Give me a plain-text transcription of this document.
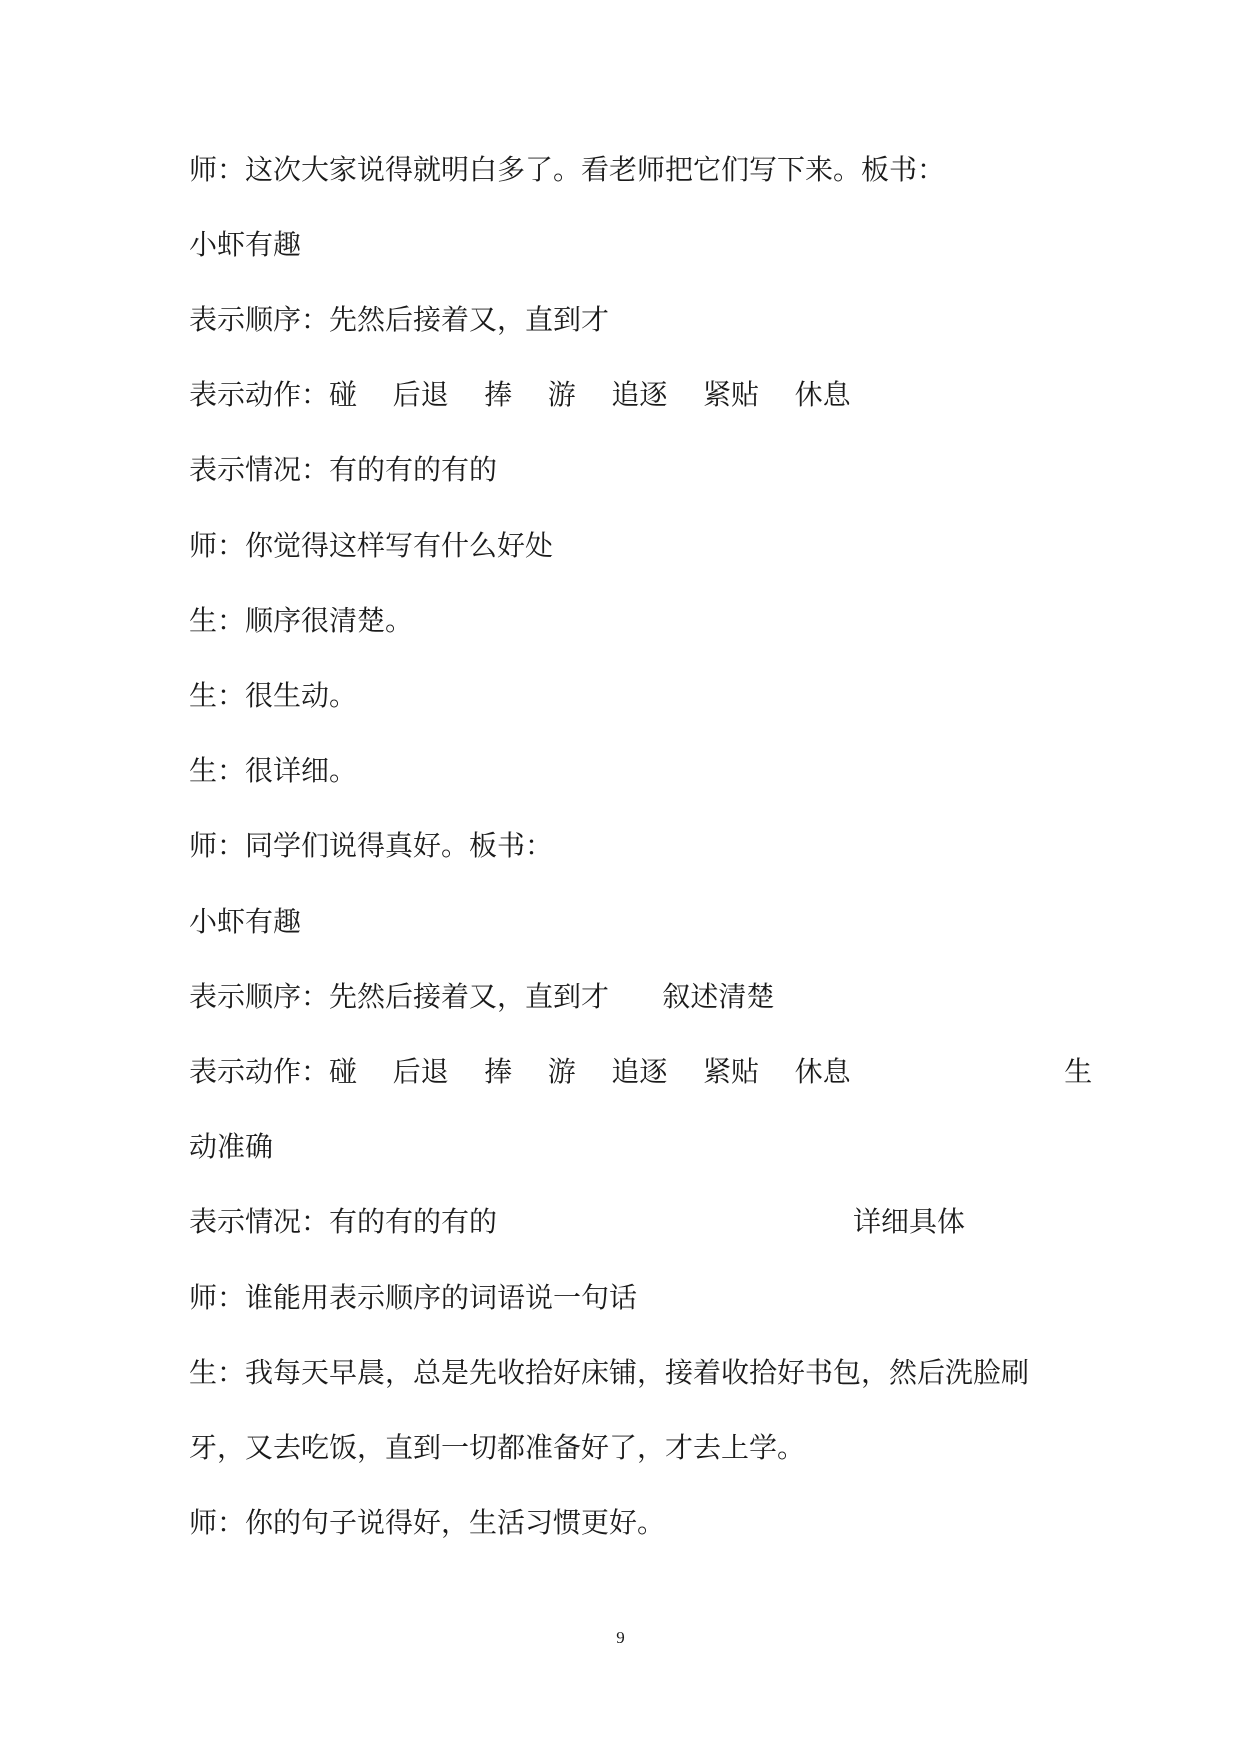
师：这次大家说得就明白多了。看老师把它们写下来。板书：
小虾有趣
表示顺序：先然后接着又，直到才
表示动作：碰    后退    捧    游    追逐    紧贴    休息
表示情况：有的有的有的
师：你觉得这样写有什么好处
生：顺序很清楚。
生：很生动。
生：很详细。
师：同学们说得真好。板书：
小虾有趣
表示顺序：先然后接着又，直到才      叙述清楚
表示动作：碰    后退    捧    游    追逐    紧贴    休息                        生
动准确
表示情况：有的有的有的                                        详细具体
师：谁能用表示顺序的词语说一句话
生：我每天早晨，总是先收拾好床铺，接着收拾好书包，然后洗脸刷
牙，又去吃饭，直到一切都准备好了，才去上学。
师：你的句子说得好，生活习惯更好。
9
